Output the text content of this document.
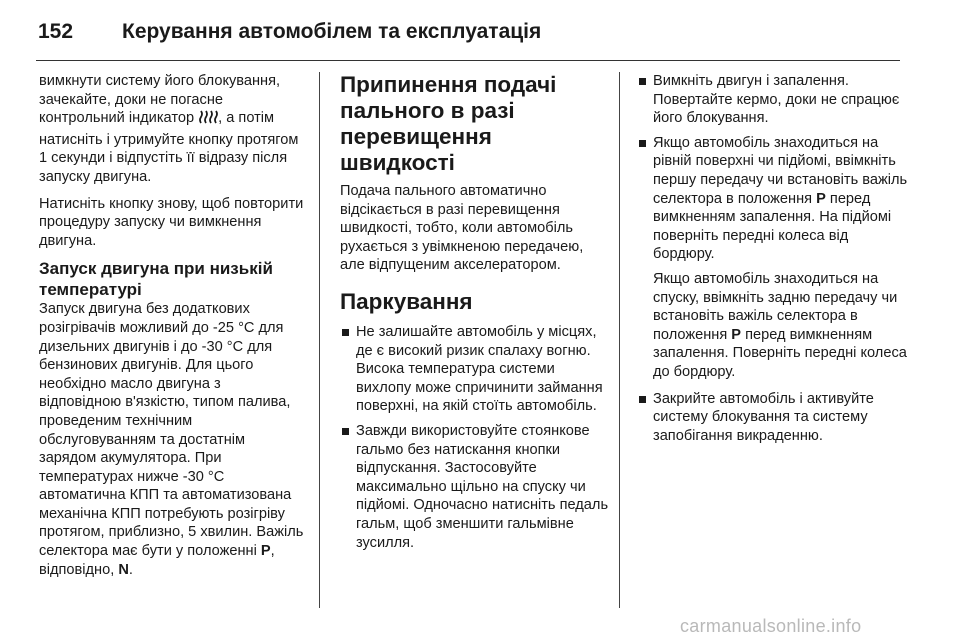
152 Керування автомобілем та експлуатація

вимкнути систему його блокування, зачекайте, доки не погасне контрольний індикатор , а потім натисніть і утримуйте кнопку протягом 1 секунди і відпустіть її відразу після запуску двигуна.

Натисніть кнопку знову, щоб повторити процедуру запуску чи вимкнення двигуна.

Запуск двигуна при низькій температурі

Запуск двигуна без додаткових розігрівачів можливий до -25 °C для дизельних двигунів і до -30 °C для бензинових двигунів. Для цього необхідно масло двигуна з відповідною в'язкістю, типом палива, проведеним технічним обслуговуванням та достатнім зарядом акумулятора. При температурах нижче -30 °C автоматична КПП та автоматизована механічна КПП потребують розігріву протягом, приблизно, 5 хвилин. Важіль селектора має бути у положенні P, відповідно, N.

Припинення подачі пального в разі перевищення швидкості

Подача пального автоматично відсікається в разі перевищення швидкості, тобто, коли автомобіль рухається з увімкненою передачею, але відпущеним акселератором.

Паркування
Не залишайте автомобіль у місцях, де є високий ризик спалаху вогню. Висока температура системи вихлопу може спричинити займання поверхні, на якій стоїть автомобіль.
Завжди використовуйте стоянкове гальмо без натискання кнопки відпускання. Застосовуйте максимально щільно на спуску чи підйомі. Одночасно натисніть педаль гальм, щоб зменшити гальмівне зусилля.
Вимкніть двигун і запалення. Повертайте кермо, доки не спрацює його блокування.
Якщо автомобіль знаходиться на рівній поверхні чи підйомі, ввімкніть першу передачу чи встановіть важіль селектора в положення P перед вимкненням запалення. На підйомі поверніть передні колеса від бордюру.

Якщо автомобіль знаходиться на спуску, ввімкніть задню передачу чи встановіть важіль селектора в положення P перед вимкненням запалення. Поверніть передні колеса до бордюру.

Закрийте автомобіль і активуйте систему блокування та систему запобігання викраденню.
carmanualsonline.info
